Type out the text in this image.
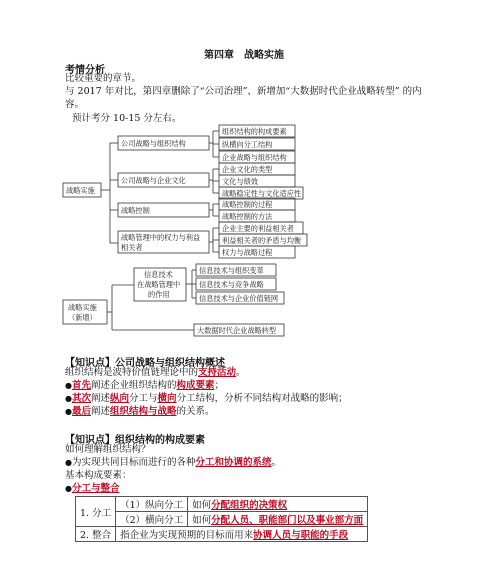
第四章　战略实施
考情分析
比较重要的章节。
与 2017 年对比，第四章删除了“公司治理”、新增加“大数据时代企业战略转型” 的内
容。
预计考分 10-15 分左右。
战略实施
公司战略与组织结构
公司战略与企业文化
战略控制
战略管理中的权力与利益
相关者
组织结构的构成要素
纵横向分工结构
企业战略与组织结构
企业文化的类型
文化与绩效
战略稳定性与文化适应性
战略控制的过程
战略控制的方法
企业主要的利益相关者
利益相关者的矛盾与均衡
权力与战略过程
战略实施
（新增）
信息技术
在战略管理中
的作用
信息技术与组织变革
信息技术与竞争战略
信息技术与企业价值链网
大数据时代企业战略转型
【知识点】公司战略与组织结构概述
组织结构是波特价值链理论中的支持活动。
●首先阐述企业组织结构的构成要素；
●其次阐述纵向分工与横向分工结构，分析不同结构对战略的影响；
●最后阐述组织结构与战略的关系。
【知识点】组织结构的构成要素
如何理解组织结构？
●为实现共同目标而进行的各种分工和协调的系统。
基本构成要素：
●分工与整合
1. 分工	（1）纵向分工	如何分配组织的决策权
	（2）横向分工	如何分配人员、职能部门以及事业部方面
2. 整合	指企业为实现预期的目标而用来协调人员与职能的手段	
